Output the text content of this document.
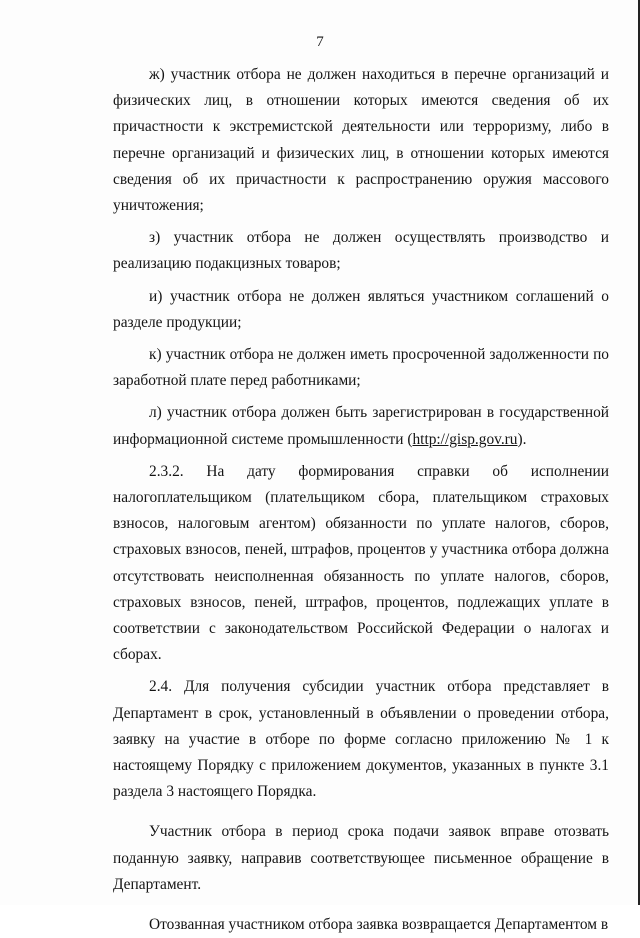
7

ж) участник отбора не должен находиться в перечне организаций и физических лиц, в отношении которых имеются сведения об их причастности к экстремистской деятельности или терроризму, либо в перечне организаций и физических лиц, в отношении которых имеются сведения об их причастности к распространению оружия массового уничтожения;

з) участник отбора не должен осуществлять производство и реализацию подакцизных товаров;

и) участник отбора не должен являться участником соглашений о разделе продукции;

к) участник отбора не должен иметь просроченной задолженности по заработной плате перед работниками;

л) участник отбора должен быть зарегистрирован в государственной информационной системе промышленности (http://gisp.gov.ru).

2.3.2. На дату формирования справки об исполнении налогоплательщиком (плательщиком сбора, плательщиком страховых взносов, налоговым агентом) обязанности по уплате налогов, сборов, страховых взносов, пеней, штрафов, процентов у участника отбора должна отсутствовать неисполненная обязанность по уплате налогов, сборов, страховых взносов, пеней, штрафов, процентов, подлежащих уплате в соответствии с законодательством Российской Федерации о налогах и сборах.

2.4. Для получения субсидии участник отбора представляет в Департамент в срок, установленный в объявлении о проведении отбора, заявку на участие в отборе по форме согласно приложению № 1 к настоящему Порядку с приложением документов, указанных в пункте 3.1 раздела 3 настоящего Порядка.

Участник отбора в период срока подачи заявок вправе отозвать поданную заявку, направив соответствующее письменное обращение в Департамент.

Отозванная участником отбора заявка возвращается Департаментом в
